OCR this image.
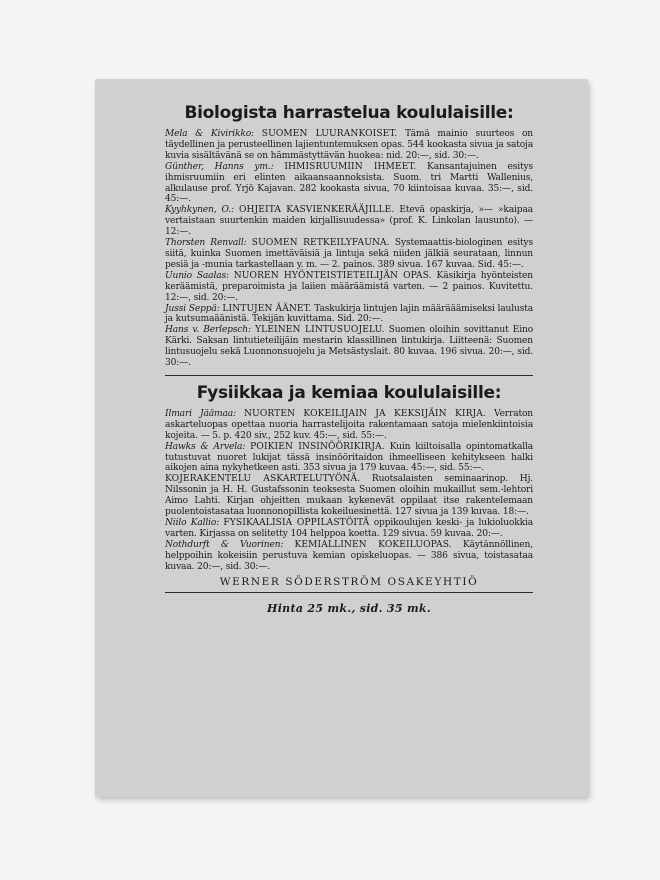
Biologista harrastelua koululaisille:

Mela & Kivirikko: SUOMEN LUURANKOISET. Tämä mainio suurteos on täydellinen ja perusteellinen lajientuntemuksen opas. 544 kookasta sivua ja satoja kuvia sisältävänä se on hämmästyttävän huokea: nid. 20:—, sid. 30:—.

Günther, Hanns ym.: IHMISRUUMIIN IHMEET. Kansantajuinen esitys ihmisruumiin eri elinten aikaansaannoksista. Suom. tri Martti Wallenius, alkulause prof. Yrjö Kajavan. 282 kookasta sivua, 70 kiintoisaa kuvaa. 35:—, sid. 45:—.

Kyyhkynen, O.: OHJEITA KASVIENKERÄÄJILLE. Etevä opaskirja, »— »kaipaa vertaistaan suurtenkin maiden kirjallisuudessa» (prof. K. Linkolan lausunto). — 12:—.

Thorsten Renvall: SUOMEN RETKEILYFAUNA. Systemaattis-biologinen esitys siitä, kuinka Suomen imettäväisiä ja lintuja sekä niiden jälkiä seurataan, linnun pesiä ja -munia tarkastellaan y. m. — 2. painos. 389 sivua. 167 kuvaa. Sid. 45:—.

Uunio Saalas: NUOREN HYÖNTEISTIETEILIJÄN OPAS. Käsikirja hyönteisten keräämistä, preparoimista ja laiien määräämistä varten. — 2 painos. Kuvitettu. 12:—, sid. 20:—.

Jussi Seppä: LINTUJEN ÄÄNET. Taskukirja lintujen lajin määrääämiseksi laulusta ja kutsumaäänistä. Tekijän kuvittama. Sid. 20:—.

Hans v. Berlepsch: YLEINEN LINTUSUOJELU. Suomen oloihin sovittanut Eino Kärki. Saksan lintutieteilijäin mestarin klassillinen lintukirja. Liitteenä: Suomen lintusuojelu sekä Luonnonsuojelu ja Metsästyslait. 80 kuvaa. 196 sivua. 20:—, sid. 30:—.

Fysiikkaa ja kemiaa koululaisille:

Ilmari Jäämaa: NUORTEN KOKEILIJAIN JA KEKSIJÄIN KIRJA. Verraton askarteluopas opettaa nuoria harrastelijoita rakentamaan satoja mielenkiintoisia kojeita. — 5. p. 420 siv., 252 kuv. 45:—, sid. 55:—.

Hawks & Arvela: POIKIEN INSINÖÖRIKIRJA. Kuin kiiltoisalla opintomatkalla tutustuvat nuoret lukijat tässä insinööritaidon ihmeelliseen kehitykseen halki aikojen aina nykyhetkeen asti. 353 sivua ja 179 kuvaa. 45:—, sid. 55:—.

KOJERAKENTELU ASKARTELUTYÖNÄ. Ruotsalaisten seminaarinop. Hj. Nilssonin ja H. H. Gustafssonin teoksesta Suomen oloihin mukaillut sem.-lehtori Aimo Lahti. Kirjan ohjeitten mukaan kykenevät oppilaat itse rakentelemaan puolentoistasataa luonnonopillista kokeiluesinettä. 127 sivua ja 139 kuvaa. 18:—.

Niilo Kallio: FYSIKAALISIA OPPILASTÖITÄ oppikoulujen keski- ja lukioluokkia varten. Kirjassa on selitetty 104 helppoa koetta. 129 sivua. 59 kuvaa. 20:—.

Nothdurft & Vuorinen: KEMIALLINEN KOKEILUOPAS. Käytännöllinen, helppoihin kokeisiin perustuva kemian opiskeluopas. — 386 sivua, toistasataa kuvaa. 20:—, sid. 30:—.

WERNER SÖDERSTRÖM OSAKEYHTIÖ
Hinta 25 mk., sid. 35 mk.
